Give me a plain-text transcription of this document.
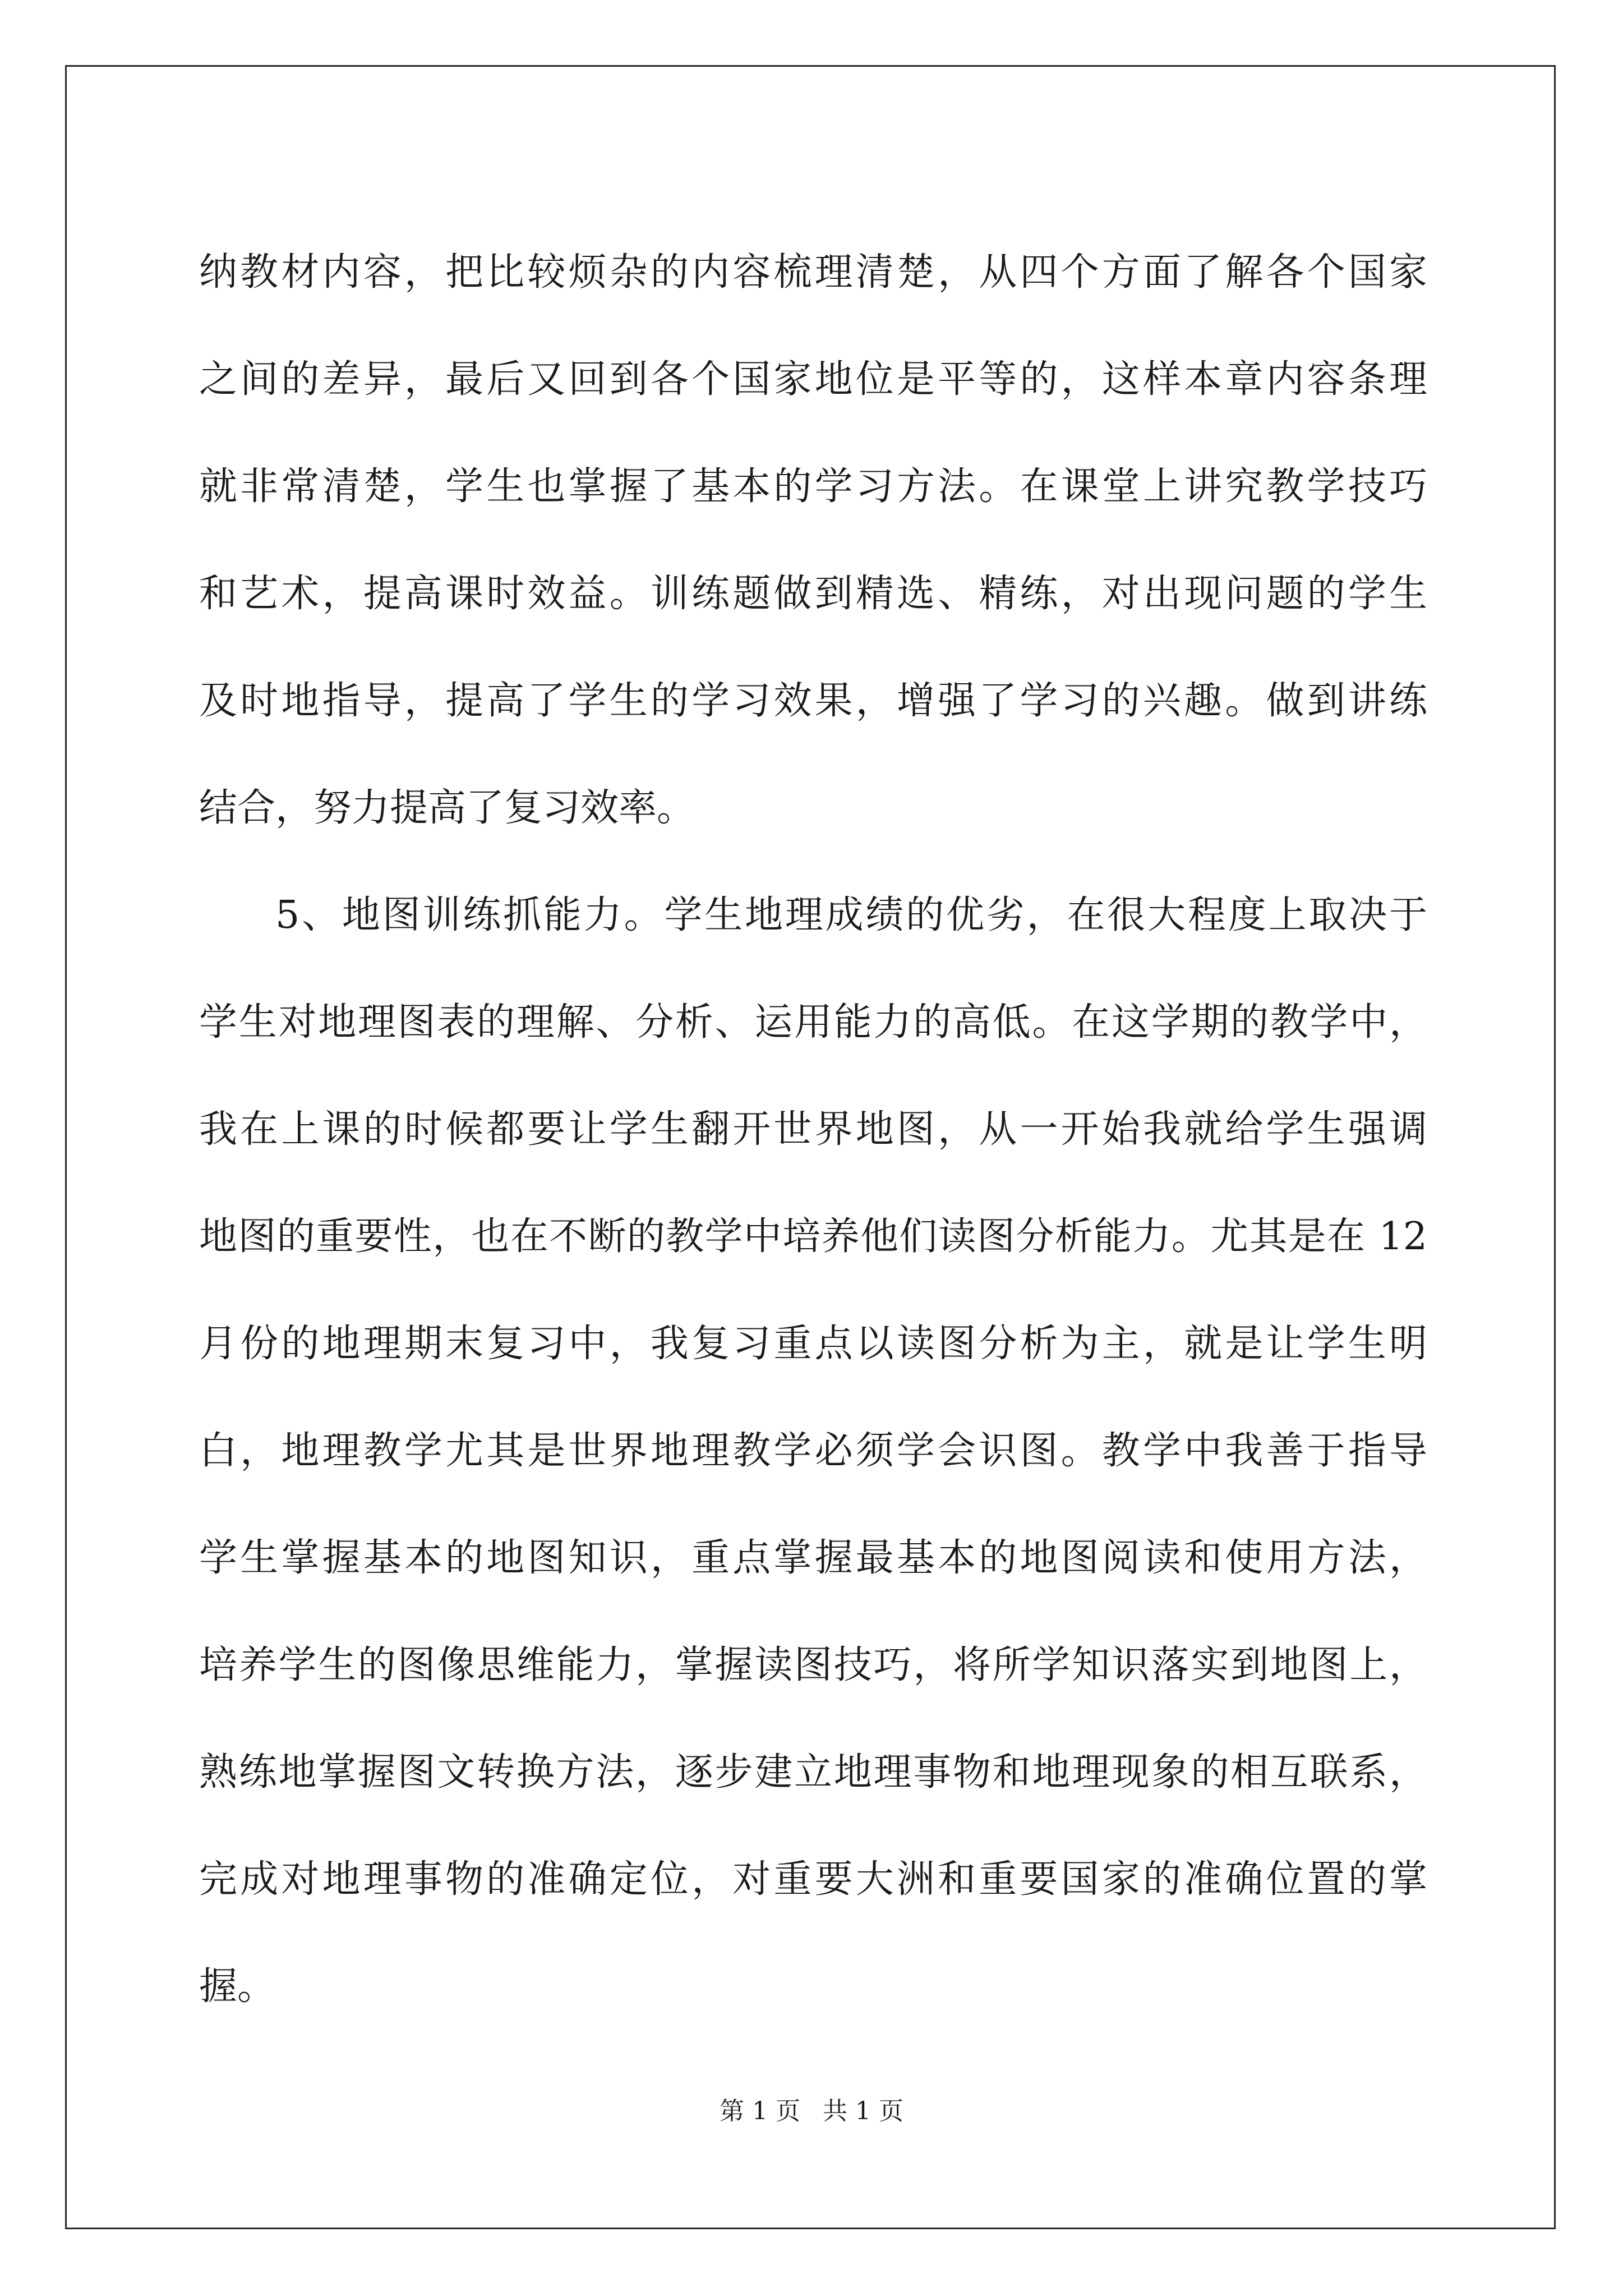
纳教材内容，把比较烦杂的内容梳理清楚，从四个方面了解各个国家
之间的差异，最后又回到各个国家地位是平等的，这样本章内容条理
就非常清楚，学生也掌握了基本的学习方法。在课堂上讲究教学技巧
和艺术，提高课时效益。训练题做到精选、精练，对出现问题的学生
及时地指导，提高了学生的学习效果，增强了学习的兴趣。做到讲练
结合，努力提高了复习效率。
5、地图训练抓能力。学生地理成绩的优劣，在很大程度上取决于
学生对地理图表的理解、分析、运用能力的高低。在这学期的教学中，
我在上课的时候都要让学生翻开世界地图，从一开始我就给学生强调
地图的重要性，也在不断的教学中培养他们读图分析能力。尤其是在 12
月份的地理期末复习中，我复习重点以读图分析为主，就是让学生明
白，地理教学尤其是世界地理教学必须学会识图。教学中我善于指导
学生掌握基本的地图知识，重点掌握最基本的地图阅读和使用方法，
培养学生的图像思维能力，掌握读图技巧，将所学知识落实到地图上，
熟练地掌握图文转换方法，逐步建立地理事物和地理现象的相互联系，
完成对地理事物的准确定位，对重要大洲和重要国家的准确位置的掌
握。
第 1 页 共 1 页
